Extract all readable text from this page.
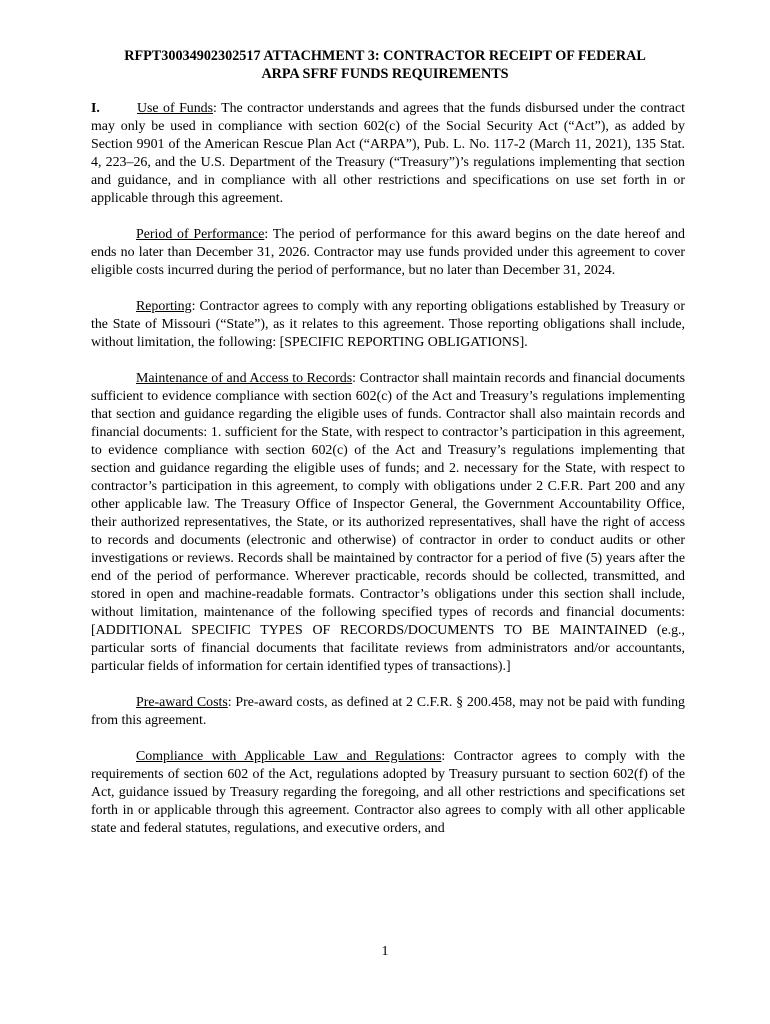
RFPT30034902302517 ATTACHMENT 3: CONTRACTOR RECEIPT OF FEDERAL
ARPA SFRF FUNDS REQUIREMENTS

I.	Use of Funds: The contractor understands and agrees that the funds disbursed under the contract may only be used in compliance with section 602(c) of the Social Security Act (“Act”), as added by Section 9901 of the American Rescue Plan Act (“ARPA”), Pub. L. No. 117-2 (March 11, 2021), 135 Stat. 4, 223–26, and the U.S. Department of the Treasury (“Treasury”)’s regulations implementing that section and guidance, and in compliance with all other restrictions and specifications on use set forth in or applicable through this agreement.

Period of Performance: The period of performance for this award begins on the date hereof and ends no later than December 31, 2026. Contractor may use funds provided under this agreement to cover eligible costs incurred during the period of performance, but no later than December 31, 2024.

Reporting: Contractor agrees to comply with any reporting obligations established by Treasury or the State of Missouri (“State”), as it relates to this agreement. Those reporting obligations shall include, without limitation, the following: [SPECIFIC REPORTING OBLIGATIONS].

Maintenance of and Access to Records: Contractor shall maintain records and financial documents sufficient to evidence compliance with section 602(c) of the Act and Treasury’s regulations implementing that section and guidance regarding the eligible uses of funds. Contractor shall also maintain records and financial documents: 1. sufficient for the State, with respect to contractor’s participation in this agreement, to evidence compliance with section 602(c) of the Act and Treasury’s regulations implementing that section and guidance regarding the eligible uses of funds; and 2. necessary for the State, with respect to contractor’s participation in this agreement, to comply with obligations under 2 C.F.R. Part 200 and any other applicable law. The Treasury Office of Inspector General, the Government Accountability Office, their authorized representatives, the State, or its authorized representatives, shall have the right of access to records and documents (electronic and otherwise) of contractor in order to conduct audits or other investigations or reviews. Records shall be maintained by contractor for a period of five (5) years after the end of the period of performance. Wherever practicable, records should be collected, transmitted, and stored in open and machine-readable formats. Contractor’s obligations under this section shall include, without limitation, maintenance of the following specified types of records and financial documents: [ADDITIONAL SPECIFIC TYPES OF RECORDS/DOCUMENTS TO BE MAINTAINED (e.g., particular sorts of financial documents that facilitate reviews from administrators and/or accountants, particular fields of information for certain identified types of transactions).]

Pre-award Costs: Pre-award costs, as defined at 2 C.F.R. § 200.458, may not be paid with funding from this agreement.

Compliance with Applicable Law and Regulations: Contractor agrees to comply with the requirements of section 602 of the Act, regulations adopted by Treasury pursuant to section 602(f) of the Act, guidance issued by Treasury regarding the foregoing, and all other restrictions and specifications set forth in or applicable through this agreement. Contractor also agrees to comply with all other applicable state and federal statutes, regulations, and executive orders, and

1
